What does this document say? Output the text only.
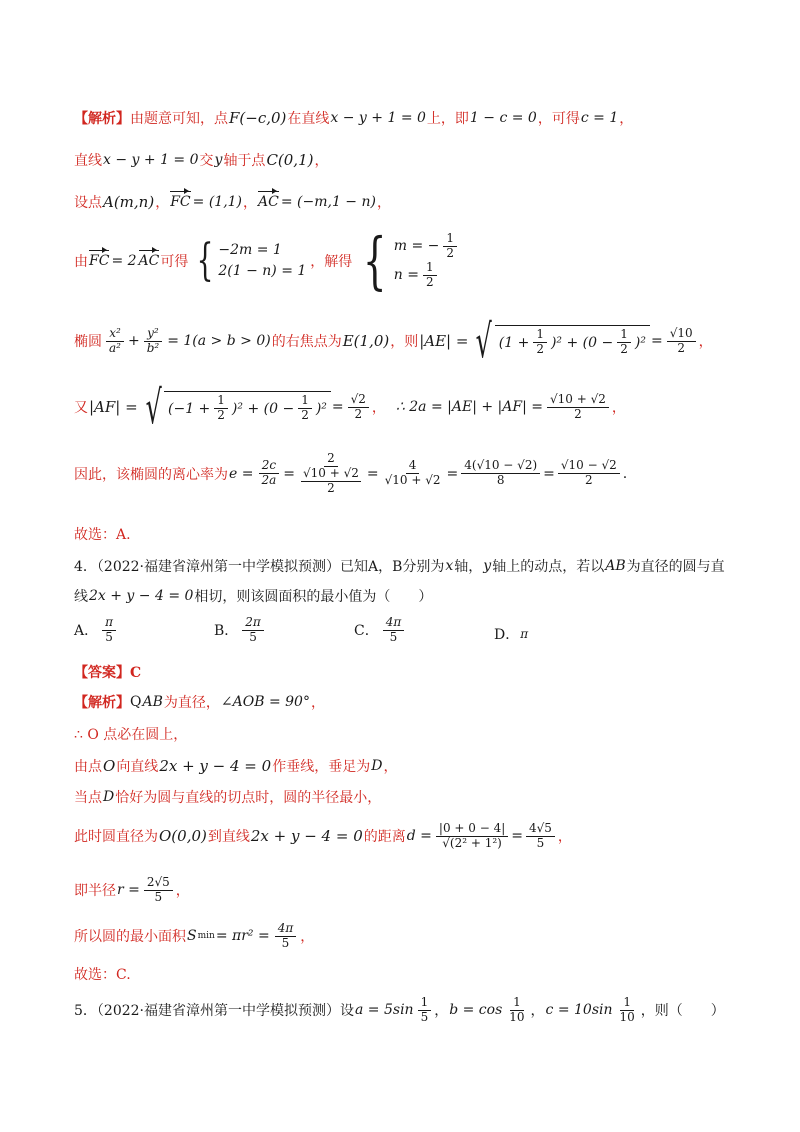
【解析】 由题意可知，点 F(−c,0) 在直线 x − y + 1 = 0 上，即 1 − c = 0 ，可得 c = 1 ，
直线 x − y + 1 = 0 交 y 轴于点 C(0,1) ，
设点 A(m,n) ， FC = (1,1) ， AC = (−m,1 − n) ，
由 FC = 2 AC 可得 { −2m = 1
2(1 − n) = 1
，解得 { m = − $\frac{1}{2}$
$n = \frac{1}{2}$
椭圆 $\frac{\text{x²}}{\text{a²}} + \frac{\text{y²}}{\text{b²}} = 1(a > b > 0)$ 的右焦点为 E(1,0) ，则 |AE| = √ $(1 + \frac{1}{2} )^2 + (0 - \frac{1}{2} )^2 = \frac{√10}{2}$ ，
又 |AF| = √ $(-1 + \frac{1}{2} )^2 + (0 - \frac{1}{2} )^2 = \frac{√2}{2}$ ， ∴ $2a = |AE| + |AF| = \frac{√10 + √2}{2}$ ，
因此，该椭圆的离心率为 $e = \frac{2c}{2a} = 2$
√10 + √2
$2 = \frac{4}{√10 + √2} = \frac{4(√10 - √2)}{8} = \frac{√10 - √2}{2}$ .
故选：A.
4．（2022·福建省漳州第一中学模拟预测）已知A，B分别为 x 轴， y 轴上的动点，若以 AB 为直径的圆与直
线 2x + y − 4 = 0 相切，则该圆面积的最小值为（　　）
A． $\frac{\pi}{5}$	B． $\frac{2\pi}{5}$	C． $\frac{4\pi}{5}$	D． π
【答案】C
【解析】 Q AB 为直径， ∠AOB = 90° ，
∴ O 点必在圆上，
由点 O 向直线 2x + y − 4 = 0 作垂线，垂足为 D ，
当点 D 恰好为圆与直线的切点时，圆的半径最小，
此时圆直径为 O(0,0) 到直线 2x + y − 4 = 0 的距离 $d = \frac{|0 + 0 - 4|}{\text{√(2² + 1²)}} = \frac{4√5}{5}$ ，
即半径 $r = \frac{2√5}{5}$ ，
所以圆的最小面积 S $\min = \pi r^2 = \frac{4\pi}{5}$ ，
故选：C.
5．（2022·福建省漳州第一中学模拟预测）设 $a = 5\sin \frac{1}{5}$ ， $b = \cos \frac{1}{10}$ ， $c = 10\sin \frac{1}{10}$ ，则（　　）
